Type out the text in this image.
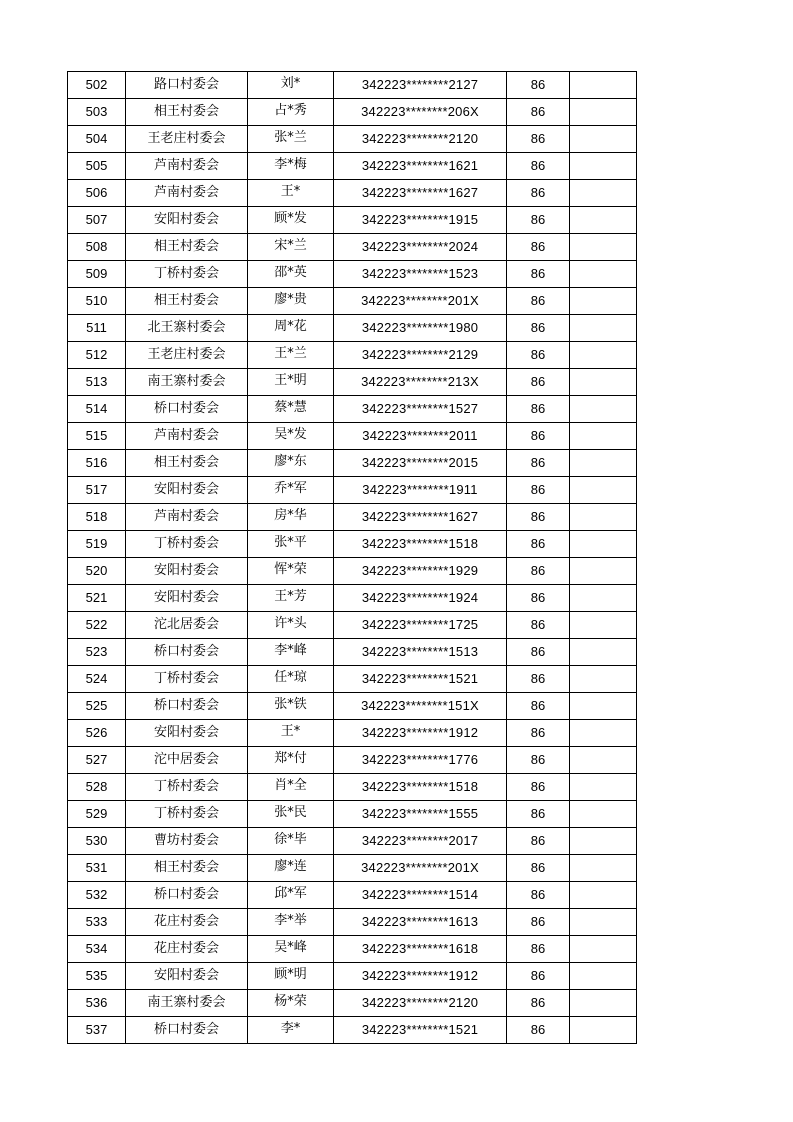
502	路口村委会	刘*	342223********2127	86	
503	相王村委会	占*秀	342223********206X	86	
504	王老庄村委会	张*兰	342223********2120	86	
505	芦南村委会	李*梅	342223********1621	86	
506	芦南村委会	王*	342223********1627	86	
507	安阳村委会	顾*发	342223********1915	86	
508	相王村委会	宋*兰	342223********2024	86	
509	丁桥村委会	邵*英	342223********1523	86	
510	相王村委会	廖*贵	342223********201X	86	
511	北王寨村委会	周*花	342223********1980	86	
512	王老庄村委会	王*兰	342223********2129	86	
513	南王寨村委会	王*明	342223********213X	86	
514	桥口村委会	蔡*慧	342223********1527	86	
515	芦南村委会	吴*发	342223********2011	86	
516	相王村委会	廖*东	342223********2015	86	
517	安阳村委会	乔*军	342223********1911	86	
518	芦南村委会	房*华	342223********1627	86	
519	丁桥村委会	张*平	342223********1518	86	
520	安阳村委会	恽*荣	342223********1929	86	
521	安阳村委会	王*芳	342223********1924	86	
522	沱北居委会	许*头	342223********1725	86	
523	桥口村委会	李*峰	342223********1513	86	
524	丁桥村委会	任*琼	342223********1521	86	
525	桥口村委会	张*铁	342223********151X	86	
526	安阳村委会	王*	342223********1912	86	
527	沱中居委会	郑*付	342223********1776	86	
528	丁桥村委会	肖*全	342223********1518	86	
529	丁桥村委会	张*民	342223********1555	86	
530	曹坊村委会	徐*毕	342223********2017	86	
531	相王村委会	廖*连	342223********201X	86	
532	桥口村委会	邱*军	342223********1514	86	
533	花庄村委会	李*举	342223********1613	86	
534	花庄村委会	吴*峰	342223********1618	86	
535	安阳村委会	顾*明	342223********1912	86	
536	南王寨村委会	杨*荣	342223********2120	86	
537	桥口村委会	李*	342223********1521	86	
